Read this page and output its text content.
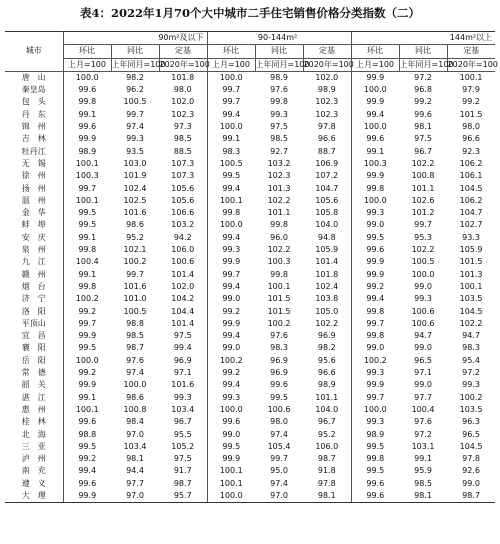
表4：2022年1月70个大中城市二手住宅销售价格分类指数（二）
城市	90m²及以下			90-144m²			144m²以上		
	环比	同比	定基	环比	同比	定基	环比	同比	定基
	上月=100	上年同月=100	2020年=100	上月=100	上年同月=100	2020年=100	上月=100	上年同月=100	2020年=100
唐　山	100.0	98.2	101.8	100.0	98.9	102.0	99.9	97.2	100.1
秦皇岛	99.6	96.2	98.0	99.7	97.6	98.9	100.0	96.8	97.9
包　头	99.8	100.5	102.0	99.7	99.8	102.3	99.9	99.2	99.2
丹　东	99.1	99.7	102.3	99.4	99.3	102.3	99.4	99.6	101.5
锦　州	99.6	97.4	97.3	100.0	97.5	97.8	100.0	98.1	98.0
吉　林	99.9	99.3	98.5	99.1	98.5	96.6	99.6	97.5	96.6
牡丹江	98.9	93.5	88.5	98.3	92.7	88.7	99.1	96.7	92.3
无　锡	100.1	103.0	107.3	100.5	103.2	106.9	100.3	102.2	106.2
徐　州	100.3	101.9	107.3	99.5	102.3	107.2	99.9	100.8	106.1
扬　州	99.7	102.4	105.6	99.4	101.3	104.7	99.8	101.1	104.5
温　州	100.1	102.5	105.6	100.1	102.2	105.6	100.0	102.6	106.2
金　华	99.5	101.6	106.6	99.8	101.1	105.8	99.3	101.2	104.7
蚌　埠	99.5	98.6	103.2	100.0	99.8	104.0	99.0	99.7	102.7
安　庆	99.1	95.2	94.2	99.4	96.0	94.8	99.5	95.3	93.3
泉　州	99.8	102.1	106.0	99.3	102.2	105.9	99.6	102.2	105.9
九　江	100.4	100.2	100.6	99.9	100.3	101.4	99.9	100.5	101.5
赣　州	99.1	99.7	101.4	99.7	99.8	101.8	99.9	100.0	101.3
烟　台	99.8	101.6	102.0	99.4	100.1	102.4	99.2	99.0	100.1
济　宁	100.2	101.0	104.2	99.0	101.5	103.8	99.4	99.3	103.5
洛　阳	99.2	100.5	104.4	99.2	101.5	105.0	99.8	100.6	104.5
平顶山	99.7	98.8	101.4	99.9	100.2	102.2	99.7	100.6	102.2
宜　昌	99.9	98.5	97.5	99.4	97.6	96.9	99.8	94.7	94.7
襄　阳	99.5	98.7	99.4	99.0	98.3	98.2	99.0	99.0	98.3
岳　阳	100.0	97.6	96.9	100.2	96.9	95.6	100.2	96.5	95.4
常　德	99.2	97.4	97.1	99.2	96.9	96.6	99.3	97.1	97.2
韶　关	99.9	100.0	101.6	99.4	99.6	98.9	99.9	99.0	99.3
湛　江	99.1	98.6	99.3	99.3	99.5	101.1	99.7	97.7	100.2
惠　州	100.1	100.8	103.4	100.0	100.6	104.0	100.0	100.4	103.5
桂　林	99.6	98.4	96.7	99.6	98.0	96.7	99.3	97.6	96.3
北　海	98.8	97.0	95.5	99.0	97.4	95.2	98.9	97.2	96.5
三　亚	99.5	103.4	105.2	99.5	105.4	106.0	99.5	103.1	104.5
泸　州	99.2	98.1	97.5	99.9	99.7	98.7	99.8	99.1	97.8
南　充	99.4	94.4	91.7	100.1	95.0	91.8	99.5	95.9	92.6
遵　义	99.6	97.7	98.7	100.1	97.4	97.8	99.6	98.5	99.0
大　理	99.9	97.0	95.7	100.0	97.0	98.1	99.6	98.1	98.7
